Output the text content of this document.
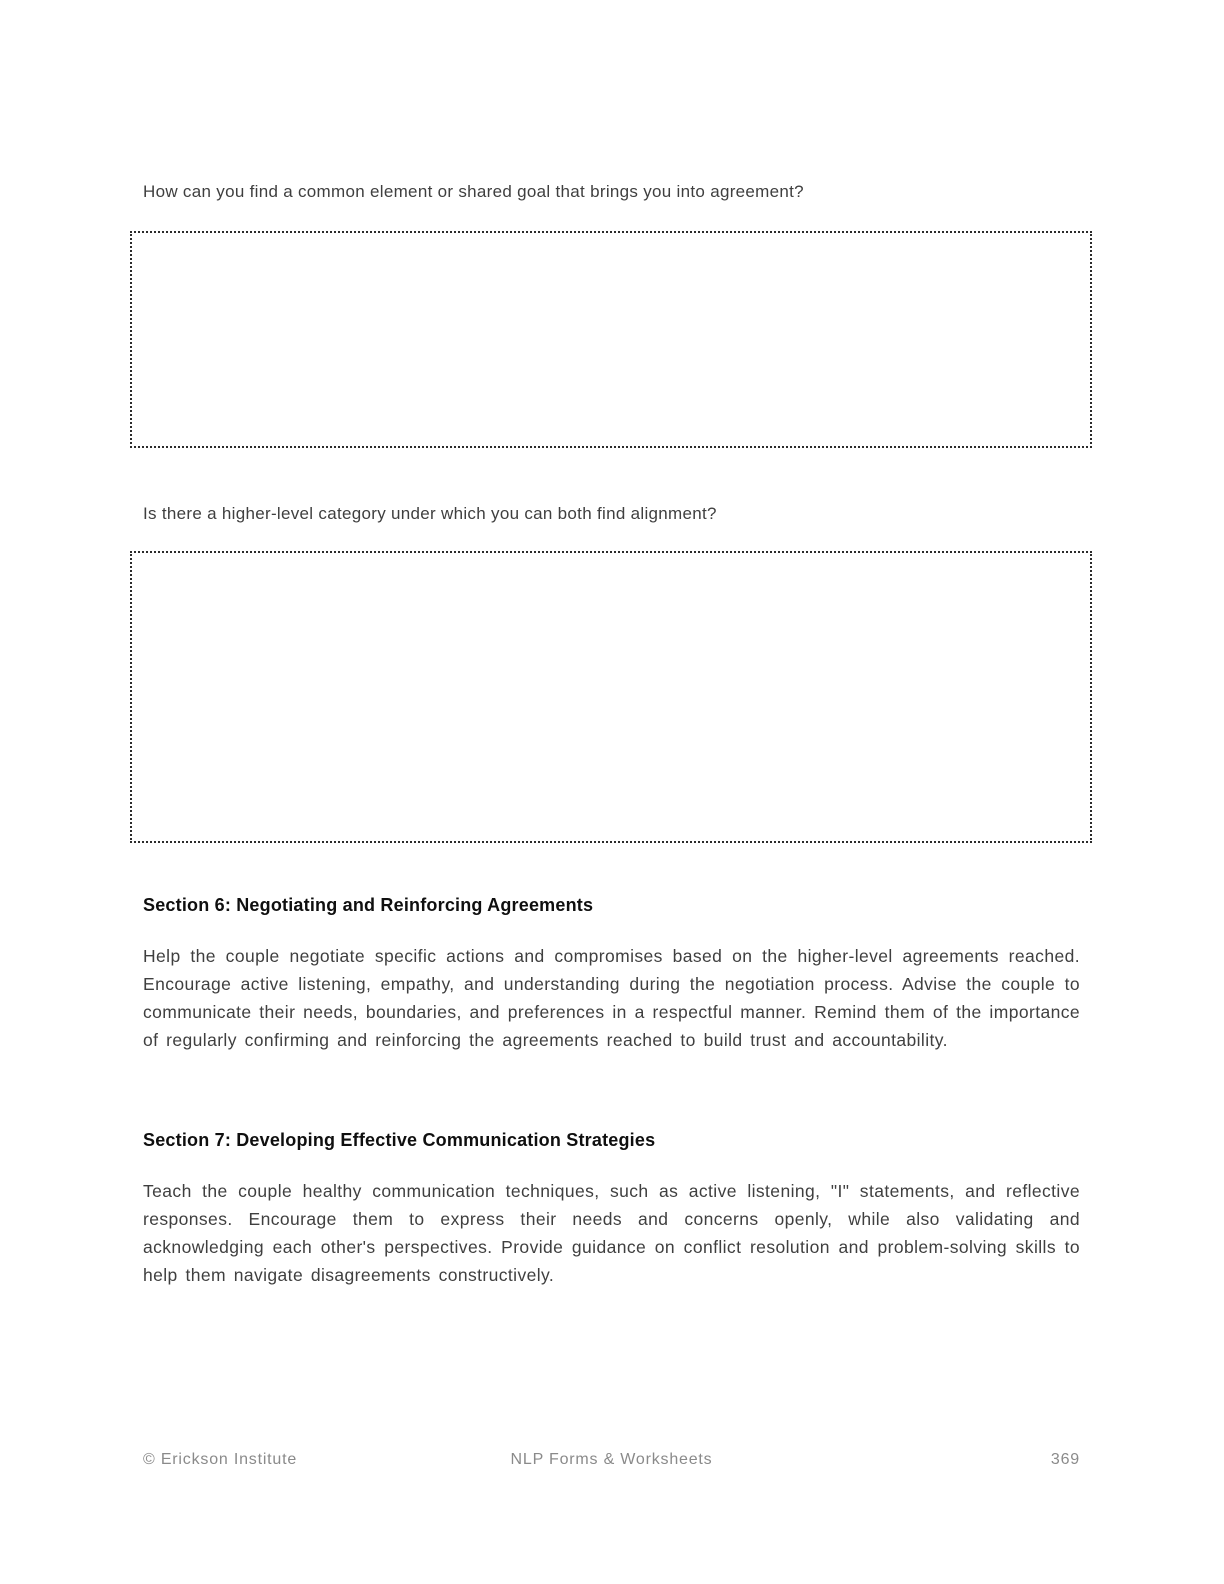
How can you find a common element or shared goal that brings you into agreement?

Is there a higher-level category under which you can both find alignment?

Section 6: Negotiating and Reinforcing Agreements

Help the couple negotiate specific actions and compromises based on the higher-level agreements reached. Encourage active listening, empathy, and understanding during the negotiation process. Advise the couple to communicate their needs, boundaries, and preferences in a respectful manner. Remind them of the importance of regularly confirming and reinforcing the agreements reached to build trust and accountability.

Section 7: Developing Effective Communication Strategies

Teach the couple healthy communication techniques, such as active listening, "I" statements, and reflective responses. Encourage them to express their needs and concerns openly, while also validating and acknowledging each other's perspectives. Provide guidance on conflict resolution and problem-solving skills to help them navigate disagreements constructively.

© Erickson Institute	NLP Forms & Worksheets	369
